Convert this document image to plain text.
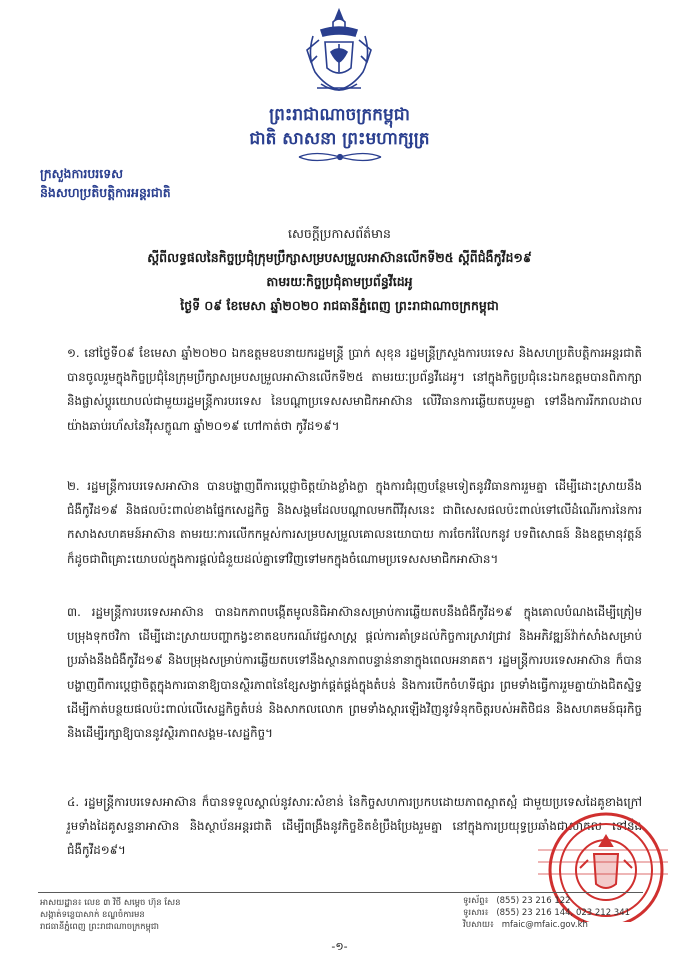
ព្រះរាជាណាចក្រកម្ពុជា
ជាតិ សាសនា ព្រះមហាក្សត្រ
ក្រសួងការបរទេស
និងសហប្រតិបត្តិការអន្តរជាតិ
សេចក្តីប្រកាសព័ត៌មាន
ស្តីពីលទ្ធផលនៃកិច្ចប្រជុំក្រុមប្រឹក្សាសម្របសម្រួលអាស៊ានលើកទី២៥ ស្តីពីជំងឺកូវីដ១៩
តាមរយៈកិច្ចប្រជុំតាមប្រព័ន្ធវីដេអូ
ថ្ងៃទី ០៩ ខែមេសា ឆ្នាំ២០២០ រាជធានីភ្នំពេញ ព្រះរាជាណាចក្រកម្ពុជា
១. នៅថ្ងៃទី០៩ ខែមេសា ឆ្នាំ២០២០ ឯកឧត្តមឧបនាយករដ្ឋមន្ត្រី ប្រាក់ សុខុន រដ្ឋមន្ត្រីក្រសួងការបរទេស និងសហប្រតិបត្តិការអន្តរជាតិ បានចូលរួមក្នុងកិច្ចប្រជុំនៃក្រុមប្រឹក្សាសម្របសម្រួលអាស៊ានលើកទី២៥ តាមរយៈប្រព័ន្ធវីដេអូ។ នៅក្នុងកិច្ចប្រជុំនេះឯកឧត្តមបានពិភាក្សា និងផ្លាស់ប្តូរយោបល់ជាមួយរដ្ឋមន្ត្រីការបរទេស នៃបណ្តាប្រទេសសមាជិកអាស៊ាន លើវិធានការឆ្លើយតបរួមគ្នា ទៅនឹងការរីករាលដាលយ៉ាងឆាប់រហ័សនៃវីរុសក្លូណា ឆ្នាំ២០១៩ ហៅកាត់ថា កូវីដ១៩។
២. រដ្ឋមន្ត្រីការបរទេសអាស៊ាន បានបង្ហាញពីការប្តេជ្ញាចិត្តយ៉ាងខ្លាំងក្លា ក្នុងការជំរុញបន្ថែមទៀតនូវវិធានការរួមគ្នា ដើម្បីដោះស្រាយនឹងជំងឺកូវីដ១៩ និងផលប៉ះពាល់ខាងផ្នែកសេដ្ឋកិច្ច និងសង្គមដែលបណ្តាលមកពីវីរុសនេះ ជាពិសេសផលប៉ះពាល់ទៅលើដំណើរការនៃការកសាងសហគមន៍អាស៊ាន តាមរយៈការលើកកម្ពស់ការសម្របសម្រួលគោលនយោបាយ ការចែករំលែកនូវ បទពិសោធន៍ និងឧត្តមានុវត្តន៍ ក៏ដូចជាពិគ្រោះយោបល់ក្នុងការផ្តល់ជំនួយដល់គ្នាទៅវិញទៅមកក្នុងចំណោមប្រទេសសមាជិកអាស៊ាន។
៣. រដ្ឋមន្ត្រីការបរទេសអាស៊ាន បានឯកភាពបង្កើតមូលនិធិអាស៊ានសម្រាប់ការឆ្លើយតបនឹងជំងឺកូវីដ១៩ ក្នុងគោលបំណងដើម្បីត្រៀមបម្រុងទុកថវិកា ដើម្បីដោះស្រាយបញ្ហាកង្វះខាតឧបករណ៍វេជ្ជសាស្ត្រ ផ្តល់ការគាំទ្រដល់កិច្ចការស្រាវជ្រាវ និងអភិវឌ្ឍន៍វ៉ាក់សាំងសម្រាប់ប្រឆាំងនឹងជំងឺកូវីដ១៩ និងបម្រុងសម្រាប់ការឆ្លើយតបទៅនឹងស្ថានភាពបន្ទាន់នានាក្នុងពេលអនាគត។ រដ្ឋមន្ត្រីការបរទេសអាស៊ាន ក៏បានបង្ហាញពីការប្តេជ្ញាចិត្តក្នុងការធានាឱ្យបានស្ថិរភាពនៃខ្សែសង្វាក់ផ្គត់ផ្គង់ក្នុងតំបន់ និងការបើកចំហទីផ្សារ ព្រមទាំងធ្វើការរួមគ្នាយ៉ាងជិតស្និទ្ធ ដើម្បីកាត់បន្ថយផលប៉ះពាល់លើសេដ្ឋកិច្ចតំបន់ និងសាកលលោក ព្រមទាំងស្តារឡើងវិញនូវទំនុកចិត្តរបស់អតិថិជន និងសហគមន៍ធុរកិច្ច និងដើម្បីរក្សាឱ្យបាននូវស្ថិរភាពសង្គម-សេដ្ឋកិច្ច។
៤. រដ្ឋមន្ត្រីការបរទេសអាស៊ាន ក៏បានទទួលស្គាល់នូវសារៈសំខាន់ នៃកិច្ចសហការប្រកបដោយភាពស្អាតស្អំ ជាមួយប្រទេសដៃគូខាងក្រៅ រួមទាំងដៃគូសន្ទនាអាស៊ាន និងស្ថាប័នអន្តរជាតិ ដើម្បីពង្រឹងនូវកិច្ចខិតខំប្រឹងប្រែងរួមគ្នា នៅក្នុងការប្រយុទ្ធប្រឆាំងជាសាកល ទៅនឹងជំងឺកូវីដ១៩។
អាសយដ្ឋាន៖ លេខ ៣ វិថី សម្តេច ហ៊ុន សែន
សង្កាត់ទន្លេបាសាក់ ខណ្ឌចំការមន
រាជធានីភ្នំពេញ ព្រះរាជាណាចក្រកម្ពុជា
ទូរស័ព្ទ៖ (855) 23 216 122
ទូរសារ៖ (855) 23 216 144, 023 212 341
វិបសាយ៖ mfaic@mfaic.gov.kh
-១-
